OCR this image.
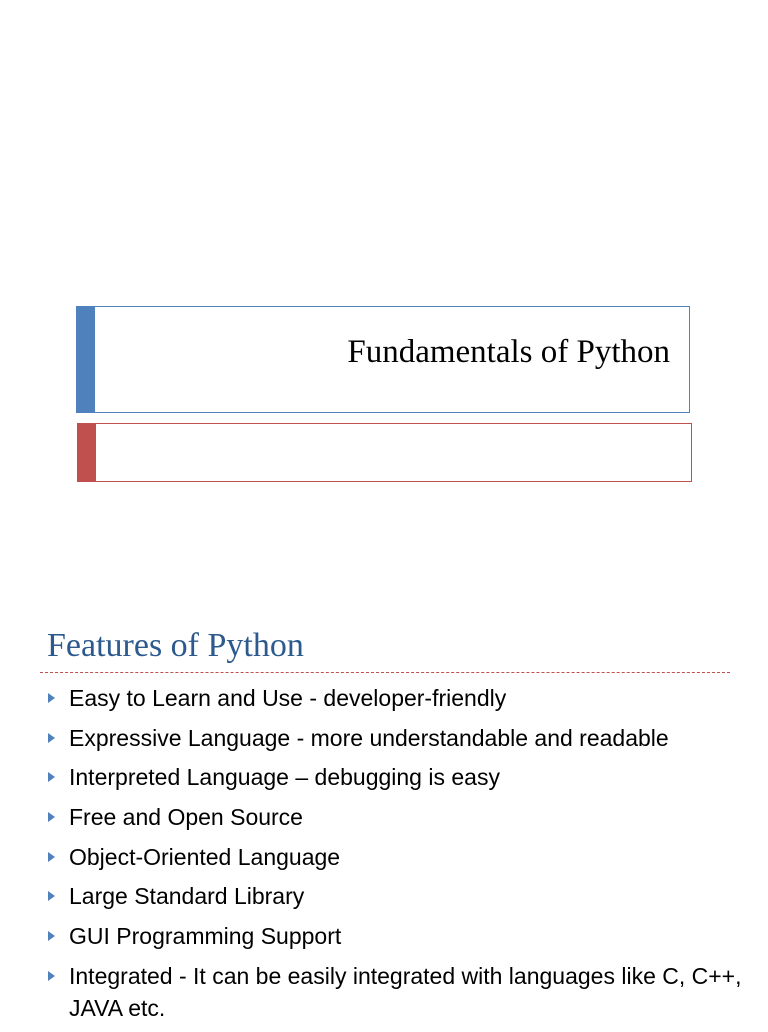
Fundamentals of Python
Features of Python
Easy to Learn and Use - developer-friendly
Expressive Language - more understandable and readable
Interpreted Language – debugging is easy
Free and Open Source
Object-Oriented Language
Large Standard Library
GUI Programming Support
Integrated - It can be easily integrated with languages like C, C++, JAVA etc.
